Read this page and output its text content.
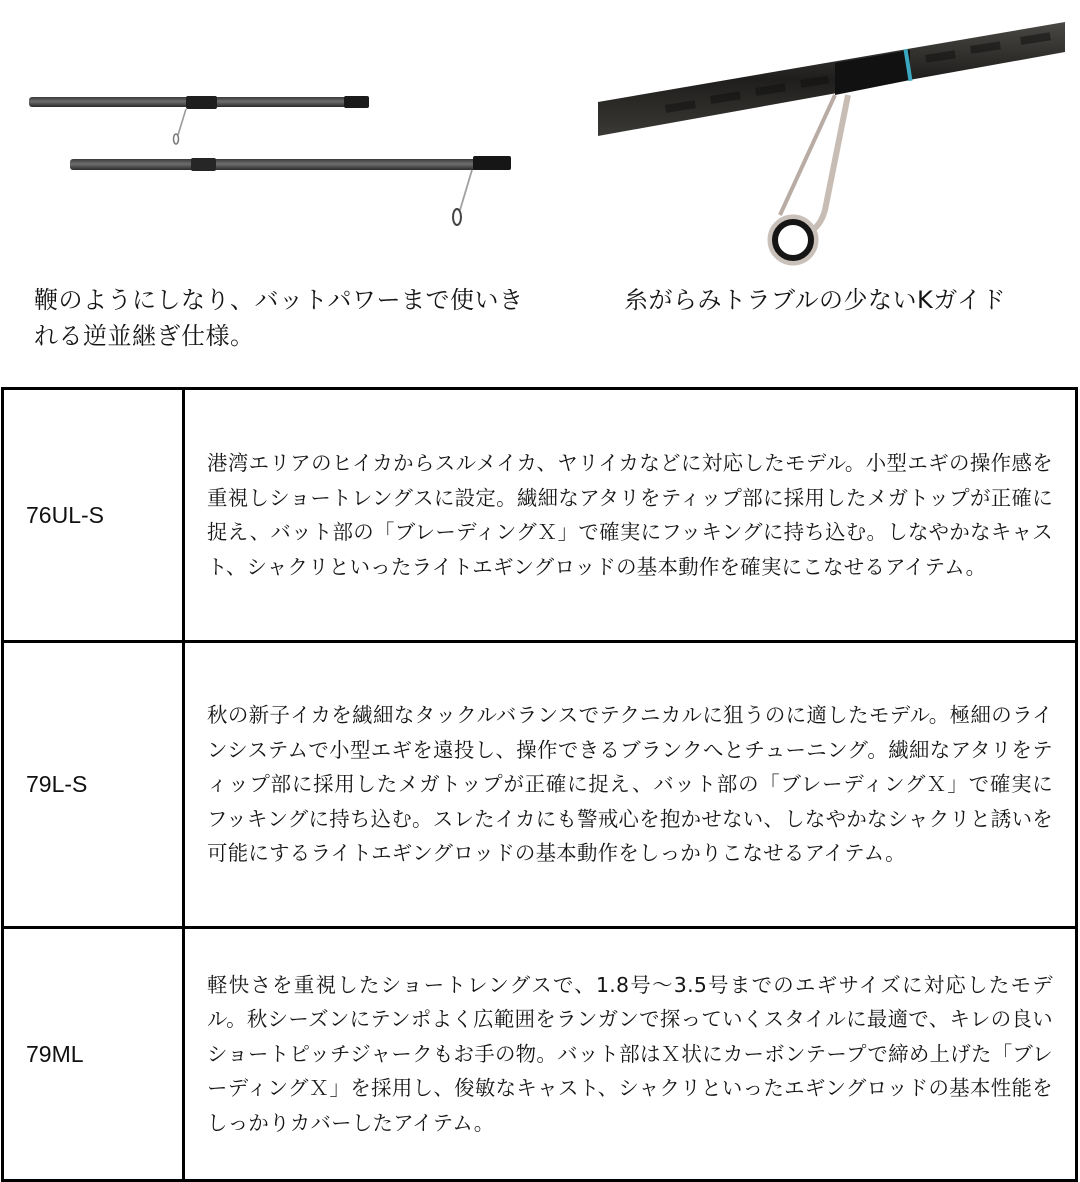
鞭のようにしなり、バットパワーまで使いきれる逆並継ぎ仕様。
糸がらみトラブルの少ないKガイド
76UL-S	港湾エリアのヒイカからスルメイカ、ヤリイカなどに対応したモデル。小型エギの操作感を重視しショートレングスに設定。繊細なアタリをティップ部に採用したメガトップが正確に捉え、バット部の「ブレーディングＸ」で確実にフッキングに持ち込む。しなやかなキャスト、シャクリといったライトエギングロッドの基本動作を確実にこなせるアイテム。
79L-S	秋の新子イカを繊細なタックルバランスでテクニカルに狙うのに適したモデル。極細のラインシステムで小型エギを遠投し、操作できるブランクへとチューニング。繊細なアタリをティップ部に採用したメガトップが正確に捉え、バット部の「ブレーディングＸ」で確実にフッキングに持ち込む。スレたイカにも警戒心を抱かせない、しなやかなシャクリと誘いを可能にするライトエギングロッドの基本動作をしっかりこなせるアイテム。
79ML	軽快さを重視したショートレングスで、1.8号〜3.5号までのエギサイズに対応したモデル。秋シーズンにテンポよく広範囲をランガンで探っていくスタイルに最適で、キレの良いショートピッチジャークもお手の物。バット部はＸ状にカーボンテープで締め上げた「ブレーディングＸ」を採用し、俊敏なキャスト、シャクリといったエギングロッドの基本性能をしっかりカバーしたアイテム。
